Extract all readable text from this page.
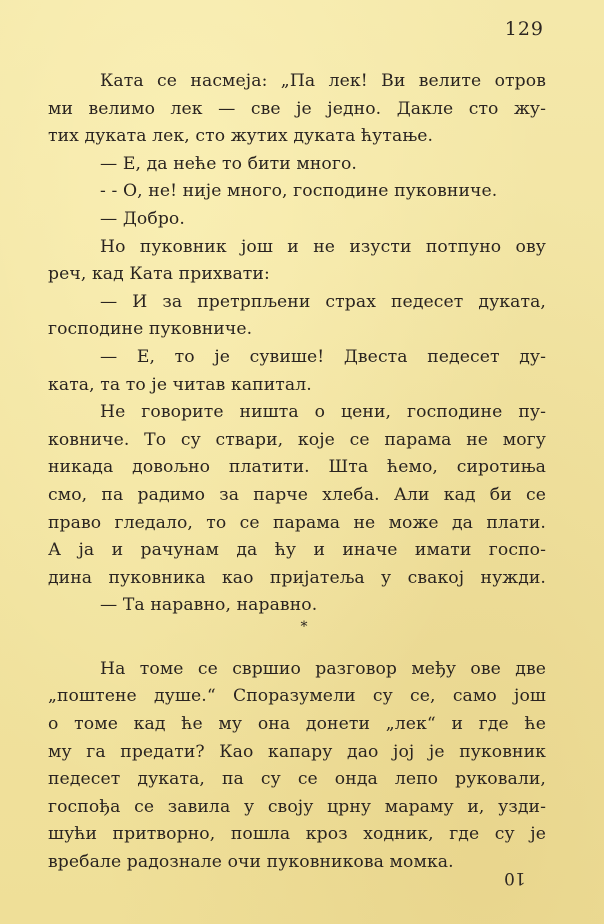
129
Ката се насмеја: „Па лек! Ви велите отров
ми велимо лек — све је једно. Дакле сто жу-
тих дуката лек, сто жутих дуката ћутање.
— Е, да неће то бити много.
- - О, не! није много, господине пуковниче.
— Добро.
Но пуковник још и не изусти потпуно ову
реч, кад Ката прихвати:
— И за претрпљени страх педесет дуката,
господине пуковниче.
— Е, то је сувише! Двеста педесет ду-
ката, та то је читав капитал.
Не говорите ништа о цени, господине пу-
ковниче. То су ствари, које се парама не могу
никада довољно платити. Шта ћемо, сиротиња
смо, па радимо за парче хлеба. Али кад би се
право гледало, то се парама не може да плати.
А ја и рачунам да ћу и иначе имати госпо-
дина пуковника као пријатеља у свакој нужди.
— Та наравно, наравно.
*
На томе се свршио разговор међу ове две
„поштене душе.“ Споразумели су се, само још
о томе кад ће му она донети „лек“ и где ће
му га предати? Као капару дао јој је пуковник
педесет дуката, па су се онда лепо руковали,
госпођа се завила у своју црну мараму и, узди-
шући притворно, пошла кроз ходник, где су је
вребале радознале очи пуковникова момка.
10
